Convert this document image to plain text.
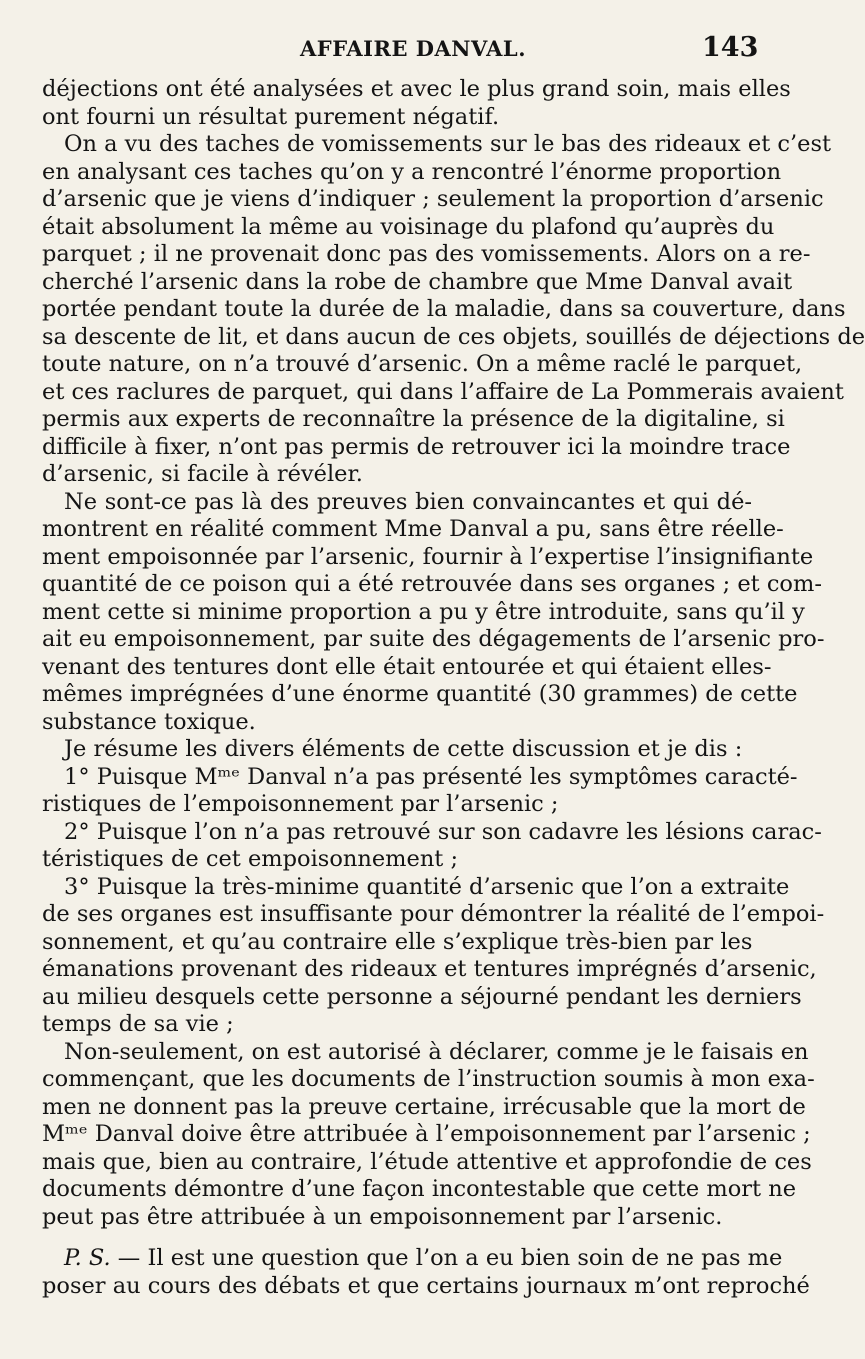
AFFAIRE DANVAL.	143
déjections ont été analysées et avec le plus grand soin, mais elles
ont fourni un résultat purement négatif.
On a vu des taches de vomissements sur le bas des rideaux et c’est
en analysant ces taches qu’on y a rencontré l’énorme proportion
d’arsenic que je viens d’indiquer ; seulement la proportion d’arsenic
était absolument la même au voisinage du plafond qu’auprès du
parquet ; il ne provenait donc pas des vomissements. Alors on a re-
cherché l’arsenic dans la robe de chambre que Mme Danval avait
portée pendant toute la durée de la maladie, dans sa couverture, dans
sa descente de lit, et dans aucun de ces objets, souillés de déjections de
toute nature, on n’a trouvé d’arsenic. On a même raclé le parquet,
et ces raclures de parquet, qui dans l’affaire de La Pommerais avaient
permis aux experts de reconnaître la présence de la digitaline, si
difficile à fixer, n’ont pas permis de retrouver ici la moindre trace
d’arsenic, si facile à révéler.
Ne sont-ce pas là des preuves bien convaincantes et qui dé-
montrent en réalité comment Mme Danval a pu, sans être réelle-
ment empoisonnée par l’arsenic, fournir à l’expertise l’insignifiante
quantité de ce poison qui a été retrouvée dans ses organes ; et com-
ment cette si minime proportion a pu y être introduite, sans qu’il y
ait eu empoisonnement, par suite des dégagements de l’arsenic pro-
venant des tentures dont elle était entourée et qui étaient elles-
mêmes imprégnées d’une énorme quantité (30 grammes) de cette
substance toxique.
Je résume les divers éléments de cette discussion et je dis :
1° Puisque Mᵐᵉ Danval n’a pas présenté les symptômes caracté-
ristiques de l’empoisonnement par l’arsenic ;
2° Puisque l’on n’a pas retrouvé sur son cadavre les lésions carac-
téristiques de cet empoisonnement ;
3° Puisque la très-minime quantité d’arsenic que l’on a extraite
de ses organes est insuffisante pour démontrer la réalité de l’empoi-
sonnement, et qu’au contraire elle s’explique très-bien par les
émanations provenant des rideaux et tentures imprégnés d’arsenic,
au milieu desquels cette personne a séjourné pendant les derniers
temps de sa vie ;
Non-seulement, on est autorisé à déclarer, comme je le faisais en
commençant, que les documents de l’instruction soumis à mon exa-
men ne donnent pas la preuve certaine, irrécusable que la mort de
Mᵐᵉ Danval doive être attribuée à l’empoisonnement par l’arsenic ;
mais que, bien au contraire, l’étude attentive et approfondie de ces
documents démontre d’une façon incontestable que cette mort ne
peut pas être attribuée à un empoisonnement par l’arsenic.
P. S. — Il est une question que l’on a eu bien soin de ne pas me
poser au cours des débats et que certains journaux m’ont reproché
